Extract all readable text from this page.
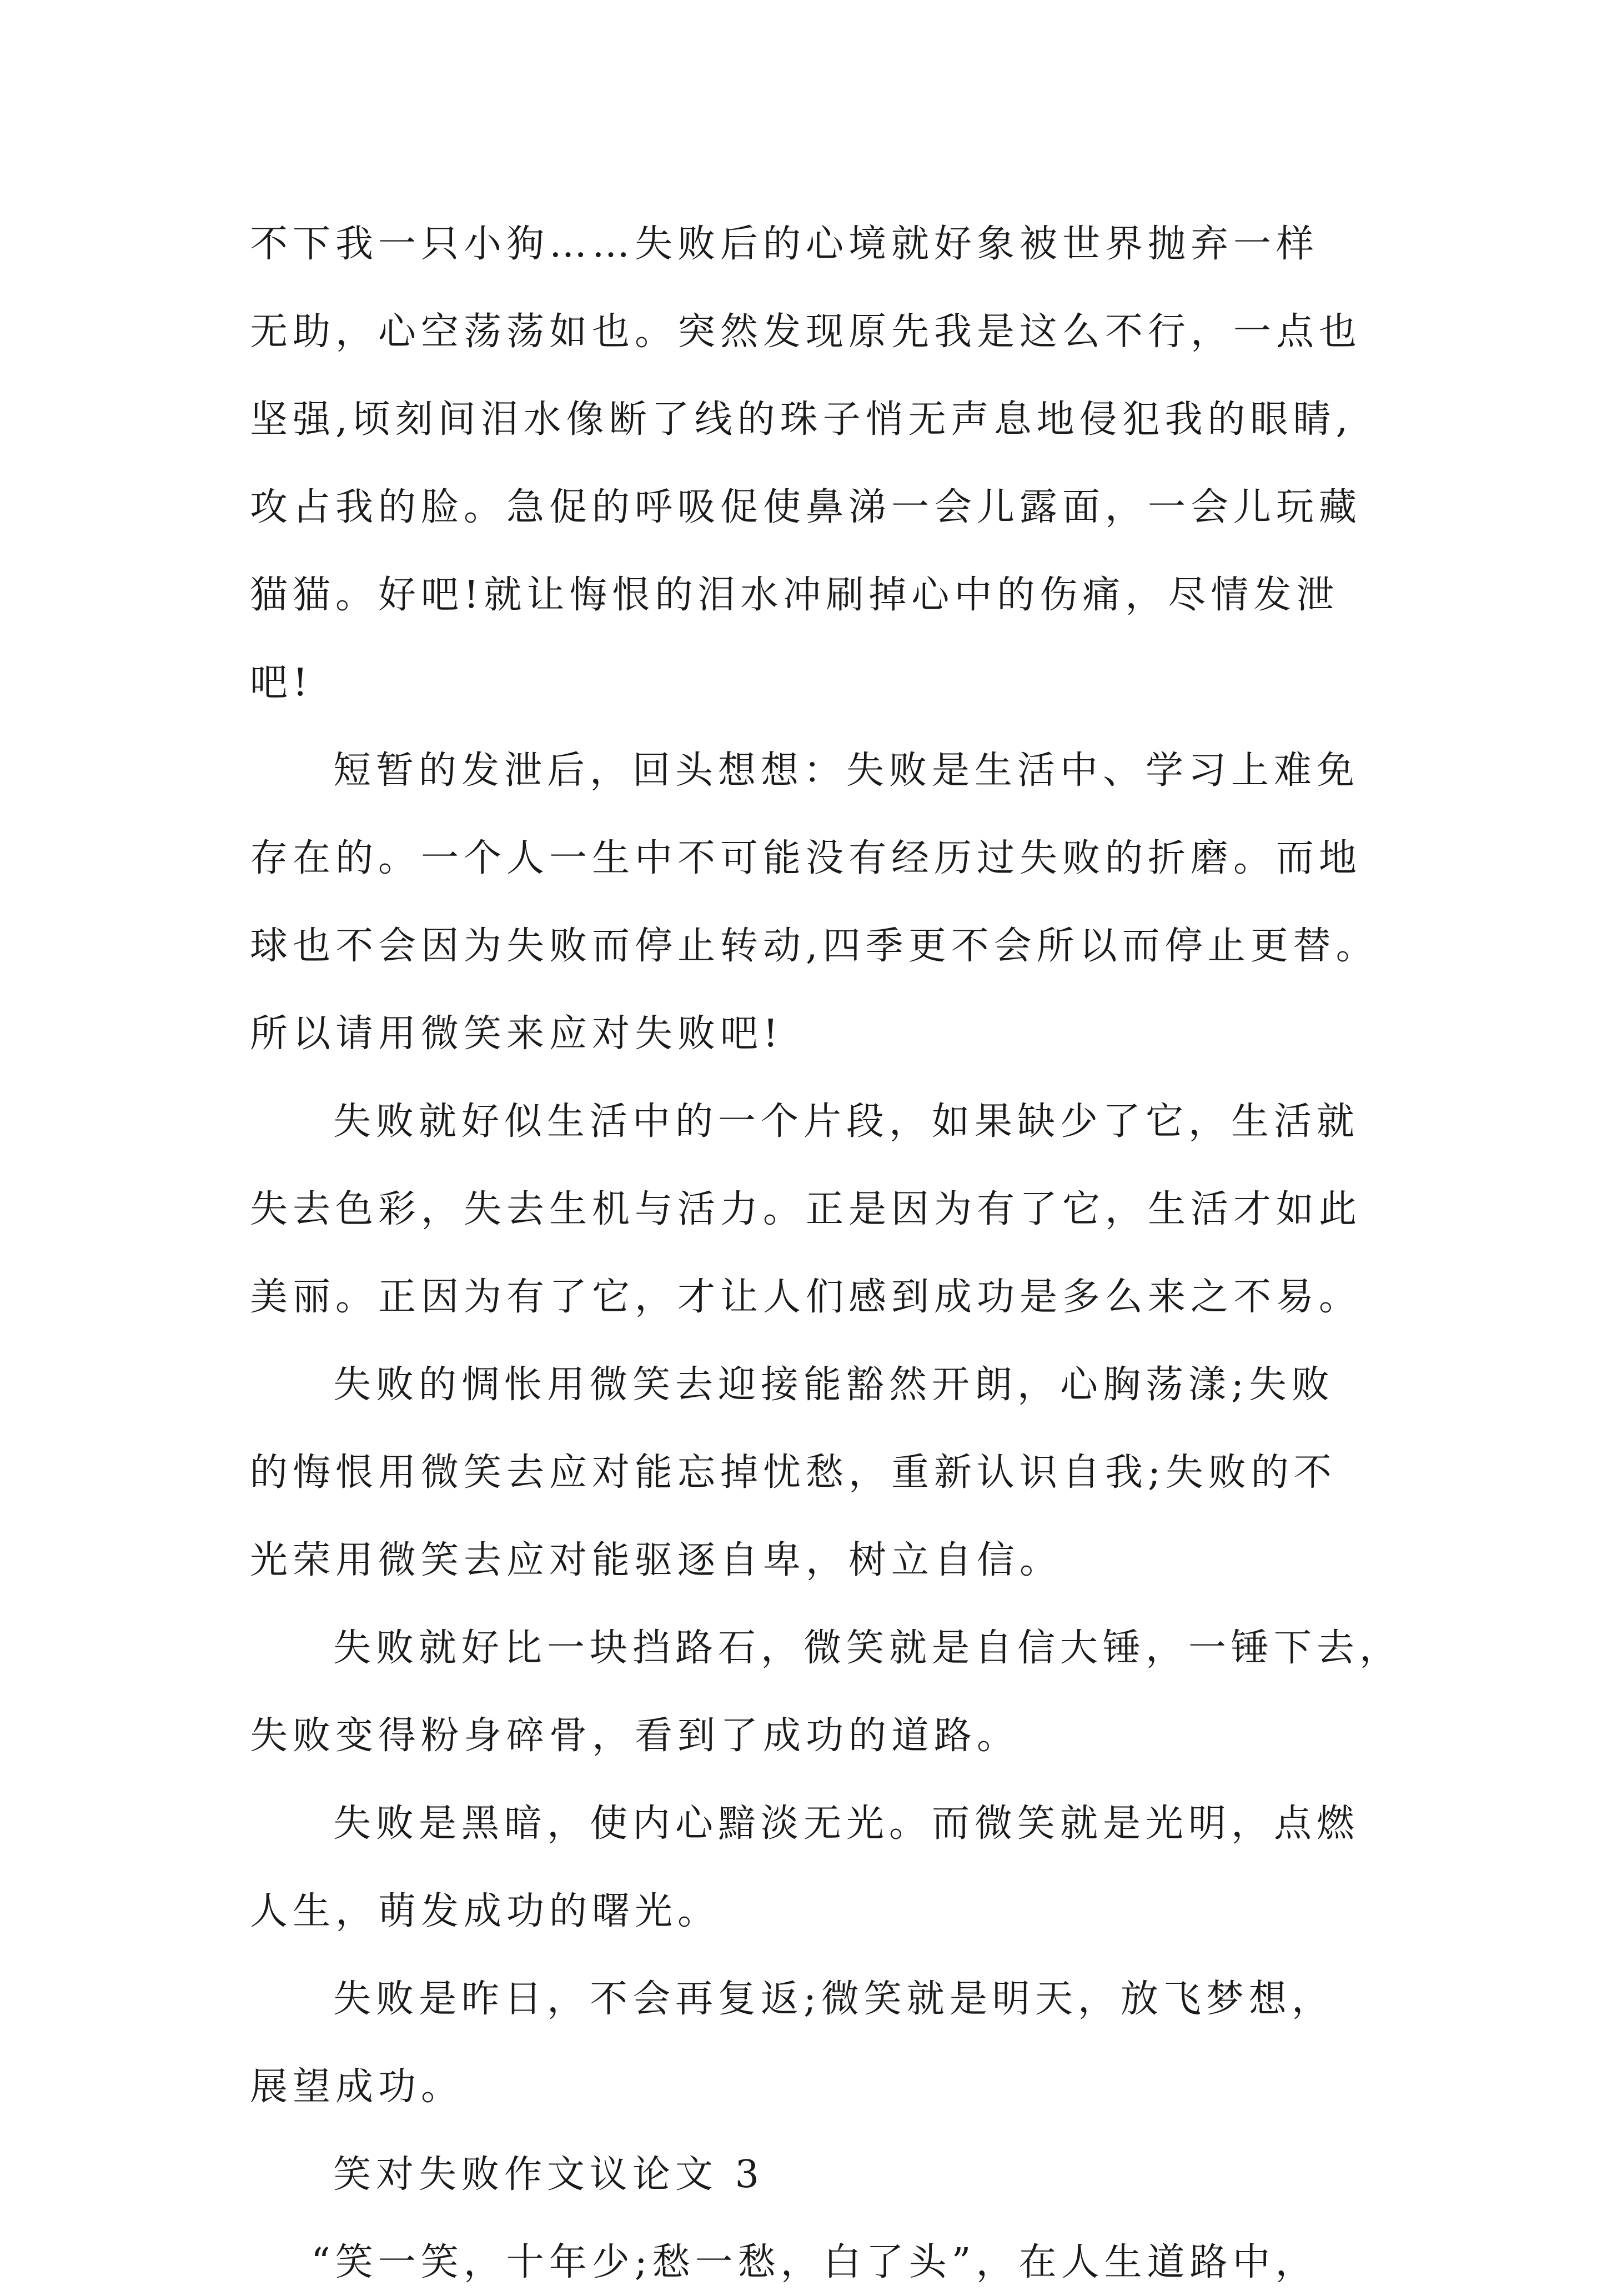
不下我一只小狗……失败后的心境就好象被世界抛弃一样
无助，心空荡荡如也。突然发现原先我是这么不行，一点也
坚强,顷刻间泪水像断了线的珠子悄无声息地侵犯我的眼睛,
攻占我的脸。急促的呼吸促使鼻涕一会儿露面，一会儿玩藏
猫猫。好吧!就让悔恨的泪水冲刷掉心中的伤痛，尽情发泄
吧!
短暂的发泄后，回头想想：失败是生活中、学习上难免
存在的。一个人一生中不可能没有经历过失败的折磨。而地
球也不会因为失败而停止转动,四季更不会所以而停止更替。
所以请用微笑来应对失败吧!
失败就好似生活中的一个片段，如果缺少了它，生活就
失去色彩，失去生机与活力。正是因为有了它，生活才如此
美丽。正因为有了它，才让人们感到成功是多么来之不易。
失败的惆怅用微笑去迎接能豁然开朗，心胸荡漾;失败
的悔恨用微笑去应对能忘掉忧愁，重新认识自我;失败的不
光荣用微笑去应对能驱逐自卑，树立自信。
失败就好比一块挡路石，微笑就是自信大锤，一锤下去，
失败变得粉身碎骨，看到了成功的道路。
失败是黑暗，使内心黯淡无光。而微笑就是光明，点燃
人生，萌发成功的曙光。
失败是昨日，不会再复返;微笑就是明天，放飞梦想，
展望成功。
笑对失败作文议论文 3
“笑一笑，十年少;愁一愁，白了头”，在人生道路中，
